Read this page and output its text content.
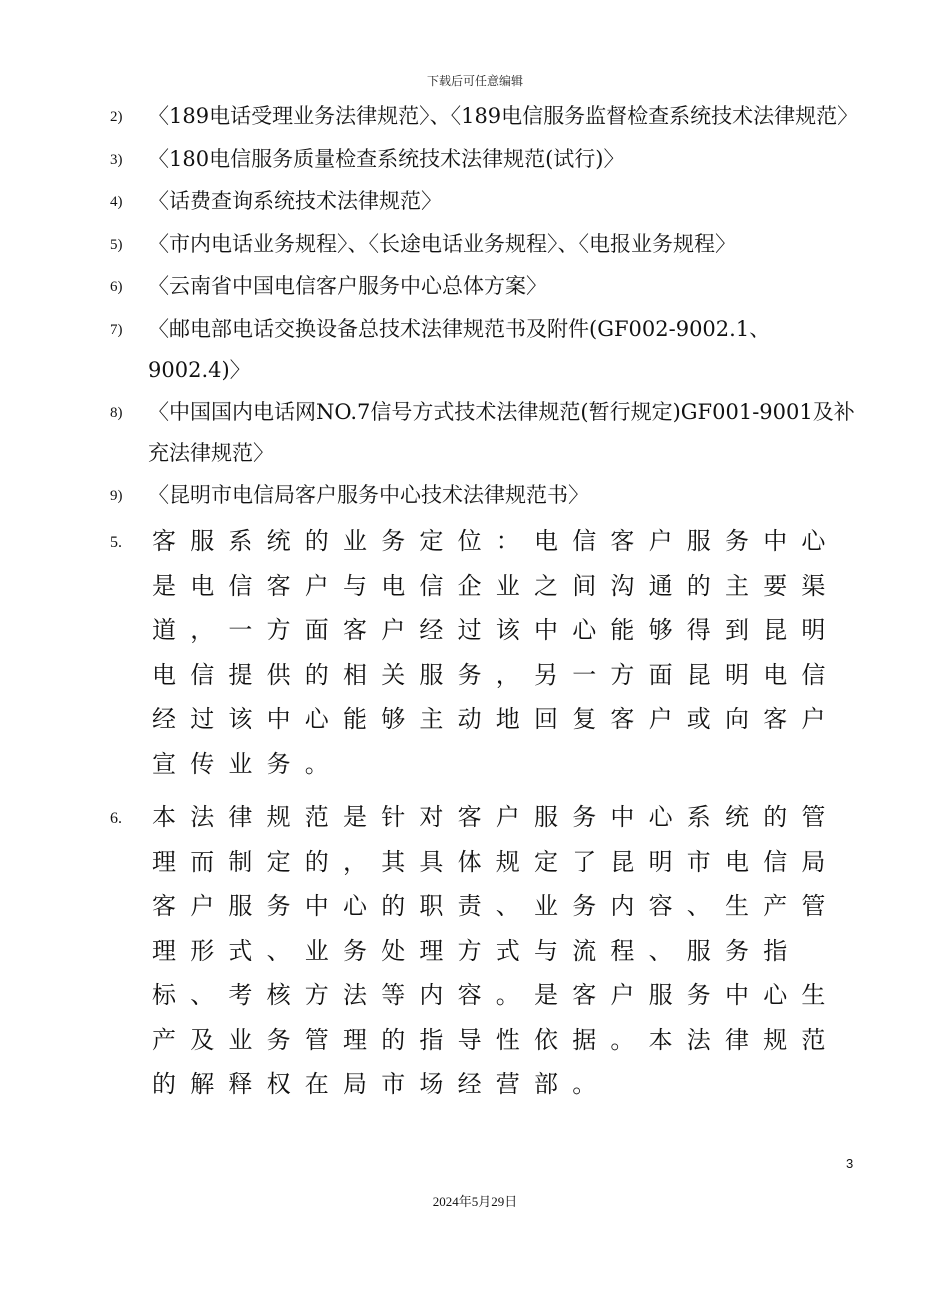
下载后可任意编辑
2)	〈189电话受理业务法律规范〉、〈189电信服务监督检查系统技术法律规范〉
3)	〈180电信服务质量检查系统技术法律规范(试行)〉
4)	〈话费查询系统技术法律规范〉
5)	〈市内电话业务规程〉、〈长途电话业务规程〉、〈电报业务规程〉
6)	〈云南省中国电信客户服务中心总体方案〉
7)	〈邮电部电话交换设备总技术法律规范书及附件(GF002-9002.1、9002.4)〉
8)	〈中国国内电话网NO.7信号方式技术法律规范(暂行规定)GF001-9001及补充法律规范〉
9)	〈昆明市电信局客户服务中心技术法律规范书〉
5.	客服系统的业务定位：电信客户服务中心是电信客户与电信企业之间沟通的主要渠道，一方面客户经过该中心能够得到昆明电信提供的相关服务，另一方面昆明电信经过该中心能够主动地回复客户或向客户宣传业务。
6.	本法律规范是针对客户服务中心系统的管理而制定的，其具体规定了昆明市电信局客户服务中心的职责、业务内容、生产管理形式、业务处理方式与流程、服务指标、考核方法等内容。是客户服务中心生产及业务管理的指导性依据。本法律规范的解释权在局市场经营部。
3
2024年5月29日
